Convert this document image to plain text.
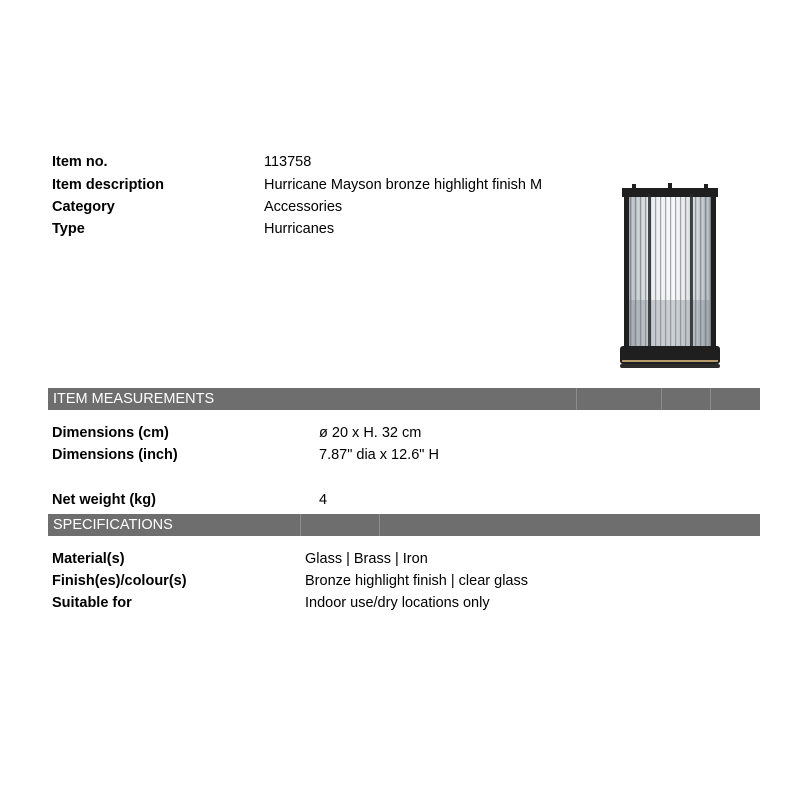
Item no.	113758
Item description	Hurricane Mayson bronze highlight finish M
Category	Accessories
Type	Hurricanes
ITEM MEASUREMENTS
Dimensions (cm)	ø 20 x H. 32 cm
Dimensions (inch)	7.87" dia x 12.6" H
Net weight (kg)	4
SPECIFICATIONS
Material(s)	Glass | Brass | Iron
Finish(es)/colour(s)	Bronze highlight finish | clear glass
Suitable for	Indoor use/dry locations only
